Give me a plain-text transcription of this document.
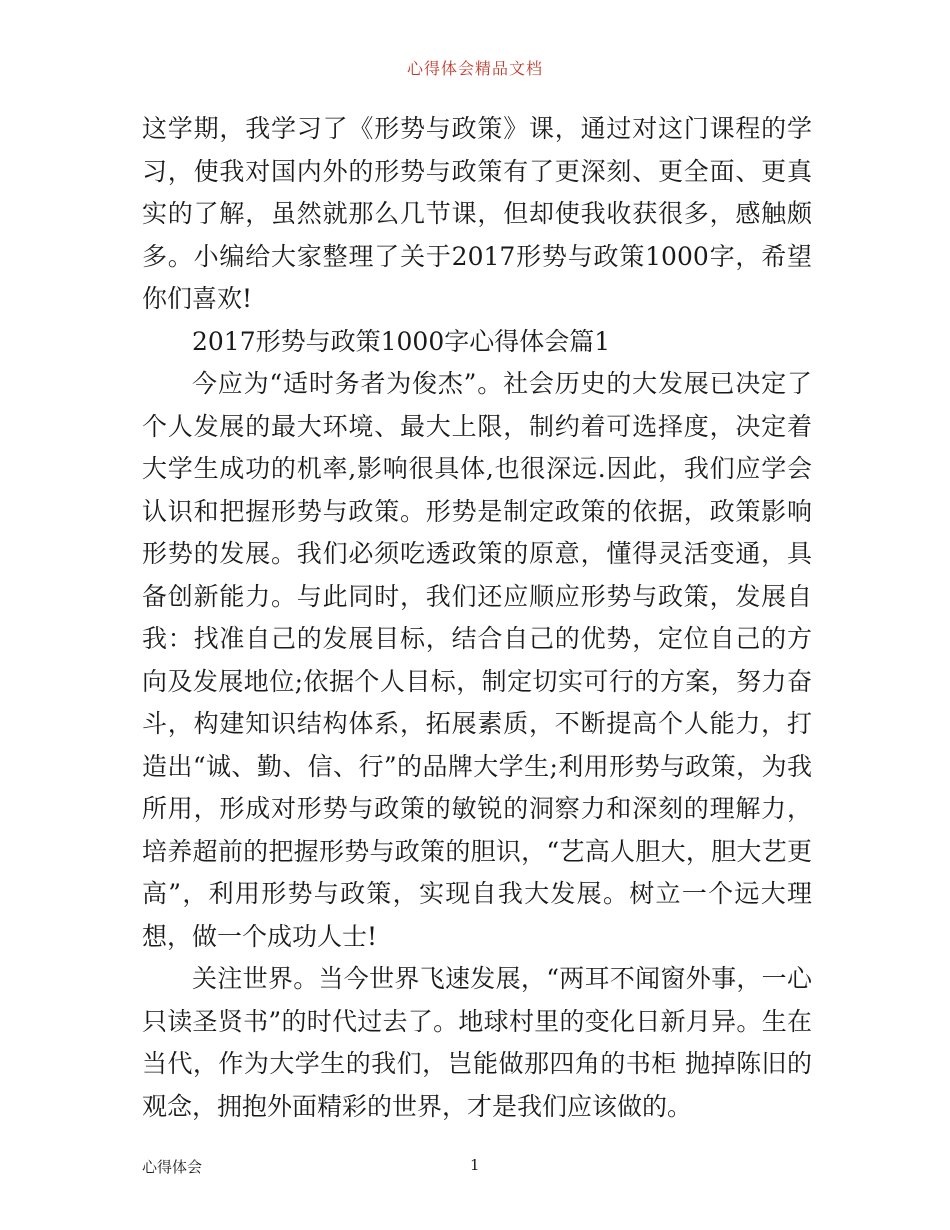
心得体会精品文档

这学期，我学习了《形势与政策》课，通过对这门课程的学习，使我对国内外的形势与政策有了更深刻、更全面、更真实的了解，虽然就那么几节课，但却使我收获很多，感触颇多。小编给大家整理了关于2017形势与政策1000字，希望你们喜欢!

2017形势与政策1000字心得体会篇1

今应为“适时务者为俊杰”。社会历史的大发展已决定了个人发展的最大环境、最大上限，制约着可选择度，决定着大学生成功的机率,影响很具体,也很深远.因此，我们应学会认识和把握形势与政策。形势是制定政策的依据，政策影响形势的发展。我们必须吃透政策的原意，懂得灵活变通，具备创新能力。与此同时，我们还应顺应形势与政策，发展自我：找准自己的发展目标，结合自己的优势，定位自己的方向及发展地位;依据个人目标，制定切实可行的方案，努力奋斗，构建知识结构体系，拓展素质，不断提高个人能力，打造出“诚、勤、信、行”的品牌大学生;利用形势与政策，为我所用，形成对形势与政策的敏锐的洞察力和深刻的理解力，培养超前的把握形势与政策的胆识，“艺高人胆大，胆大艺更高”，利用形势与政策，实现自我大发展。树立一个远大理想，做一个成功人士!

关注世界。当今世界飞速发展，“两耳不闻窗外事，一心只读圣贤书”的时代过去了。地球村里的变化日新月异。生在当代，作为大学生的我们，岂能做那四角的书柜 抛掉陈旧的观念，拥抱外面精彩的世界，才是我们应该做的。

心得体会	1
